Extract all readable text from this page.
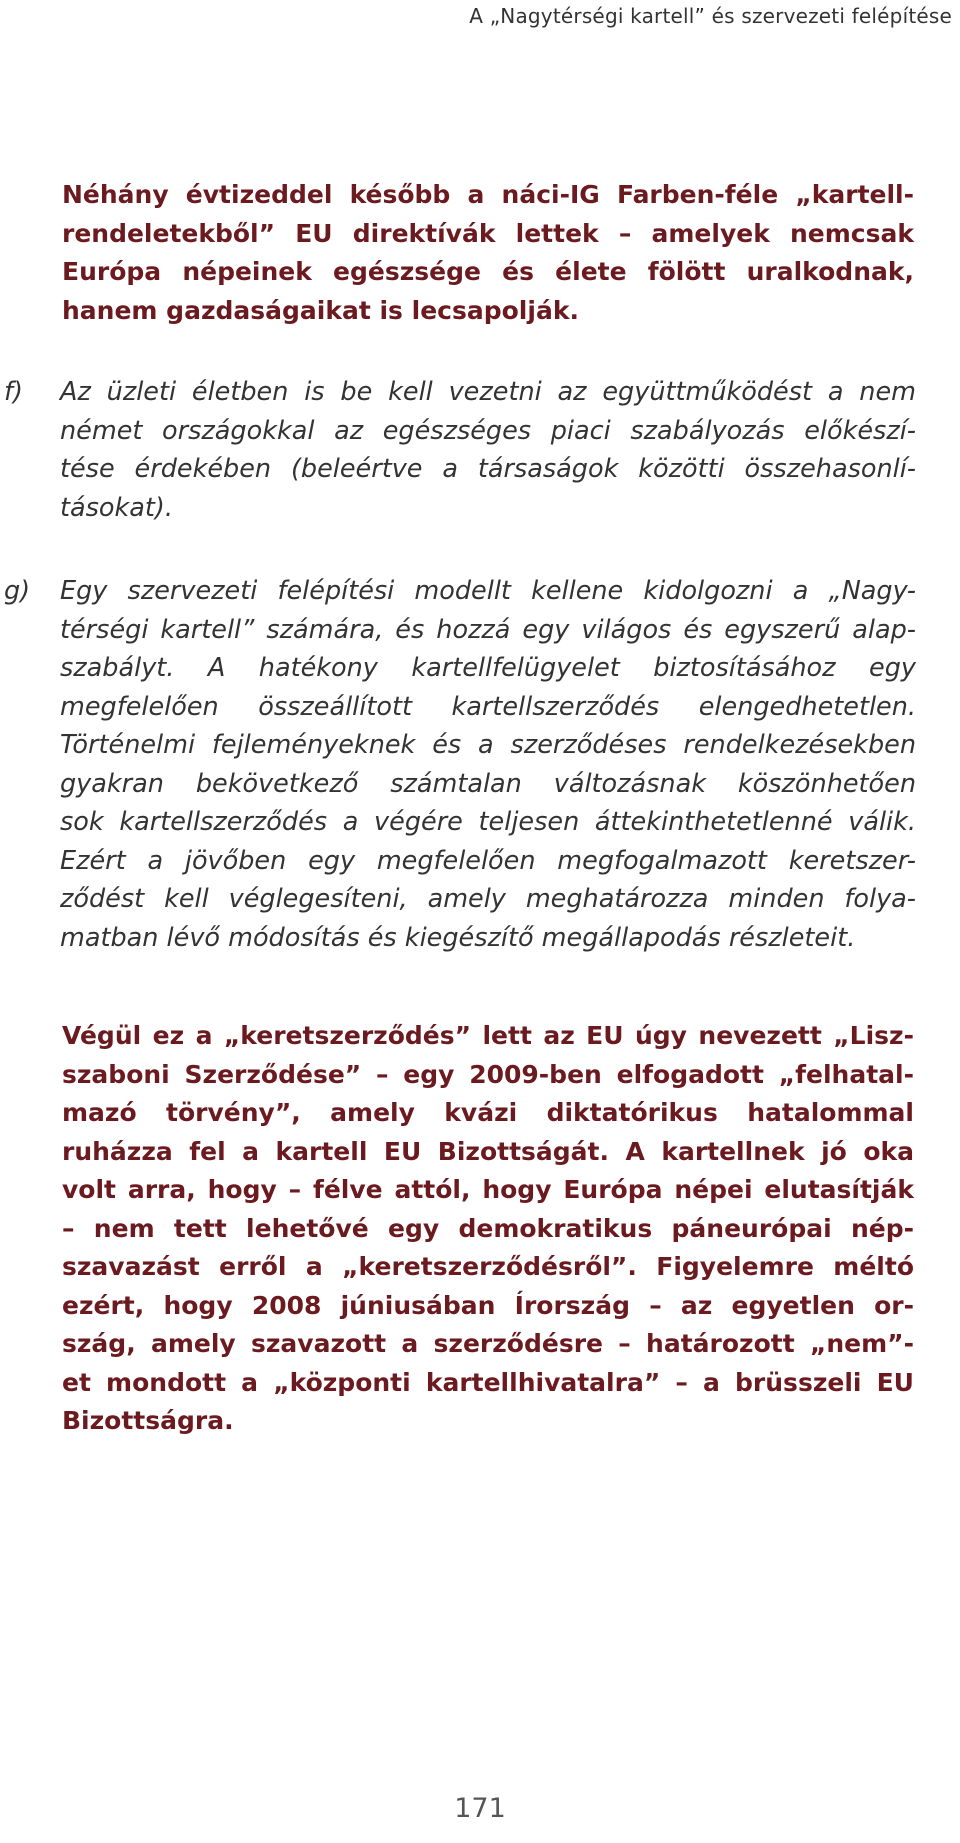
A „Nagytérségi kartell” és szervezeti felépítése
Néhány évtizeddel később a náci-IG Farben-féle „kartell-
rendeletekből” EU direktívák lettek – amelyek nemcsak
Európa népeinek egészsége és élete fölött uralkodnak,
hanem gazdaságaikat is lecsapolják.
f) Az üzleti életben is be kell vezetni az együttműködést a nem
német országokkal az egészséges piaci szabályozás előkészí-
tése érdekében (beleértve a társaságok közötti összehasonlí-
tásokat).
g) Egy szervezeti felépítési modellt kellene kidolgozni a „Nagy-
térségi kartell” számára, és hozzá egy világos és egyszerű alap-
szabályt. A hatékony kartellfelügyelet biztosításához egy
megfelelően összeállított kartellszerződés elengedhetetlen.
Történelmi fejleményeknek és a szerződéses rendelkezésekben
gyakran bekövetkező számtalan változásnak köszönhetően
sok kartellszerződés a végére teljesen áttekinthetetlenné válik.
Ezért a jövőben egy megfelelően megfogalmazott keretszer-
ződést kell véglegesíteni, amely meghatározza minden folya-
matban lévő módosítás és kiegészítő megállapodás részleteit.
Végül ez a „keretszerződés” lett az EU úgy nevezett „Lisz-
szaboni Szerződése” – egy 2009-ben elfogadott „felhatal-
mazó törvény”, amely kvázi diktatórikus hatalommal
ruházza fel a kartell EU Bizottságát. A kartellnek jó oka
volt arra, hogy – félve attól, hogy Európa népei elutasítják
– nem tett lehetővé egy demokratikus páneurópai nép-
szavazást erről a „keretszerződésről”. Figyelemre méltó
ezért, hogy 2008 júniusában Írország – az egyetlen or-
szág, amely szavazott a szerződésre – határozott „nem”-
et mondott a „központi kartellhivatalra” – a brüsszeli EU
Bizottságra.
171
